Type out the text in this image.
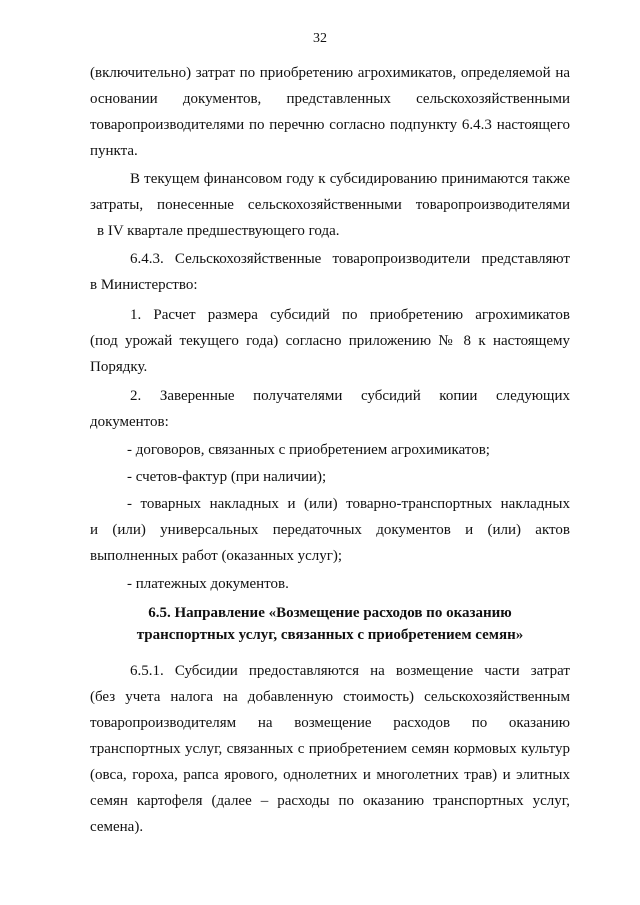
32
(включительно) затрат по приобретению агрохимикатов, определяемой на
основании документов, представленных сельскохозяйственными
товаропроизводителями по перечню согласно подпункту 6.4.3 настоящего
пункта.
В текущем финансовом году к субсидированию принимаются также
затраты, понесенные сельскохозяйственными товаропроизводителями
в IV квартале предшествующего года.
6.4.3. Сельскохозяйственные товаропроизводители представляют
в Министерство:
1. Расчет размера субсидий по приобретению агрохимикатов
(под урожай текущего года) согласно приложению № 8 к настоящему
Порядку.
2. Заверенные получателями субсидий копии следующих
документов:
- договоров, связанных с приобретением агрохимикатов;
- счетов-фактур (при наличии);
- товарных накладных и (или) товарно-транспортных накладных
и (или) универсальных передаточных документов и (или) актов
выполненных работ (оказанных услуг);
- платежных документов.
6.5. Направление «Возмещение расходов по оказанию
транспортных услуг, связанных с приобретением семян»
6.5.1. Субсидии предоставляются на возмещение части затрат
(без учета налога на добавленную стоимость) сельскохозяйственным
товаропроизводителям на возмещение расходов по оказанию
транспортных услуг, связанных с приобретением семян кормовых культур
(овса, гороха, рапса ярового, однолетних и многолетних трав) и элитных
семян картофеля (далее – расходы по оказанию транспортных услуг,
семена).
